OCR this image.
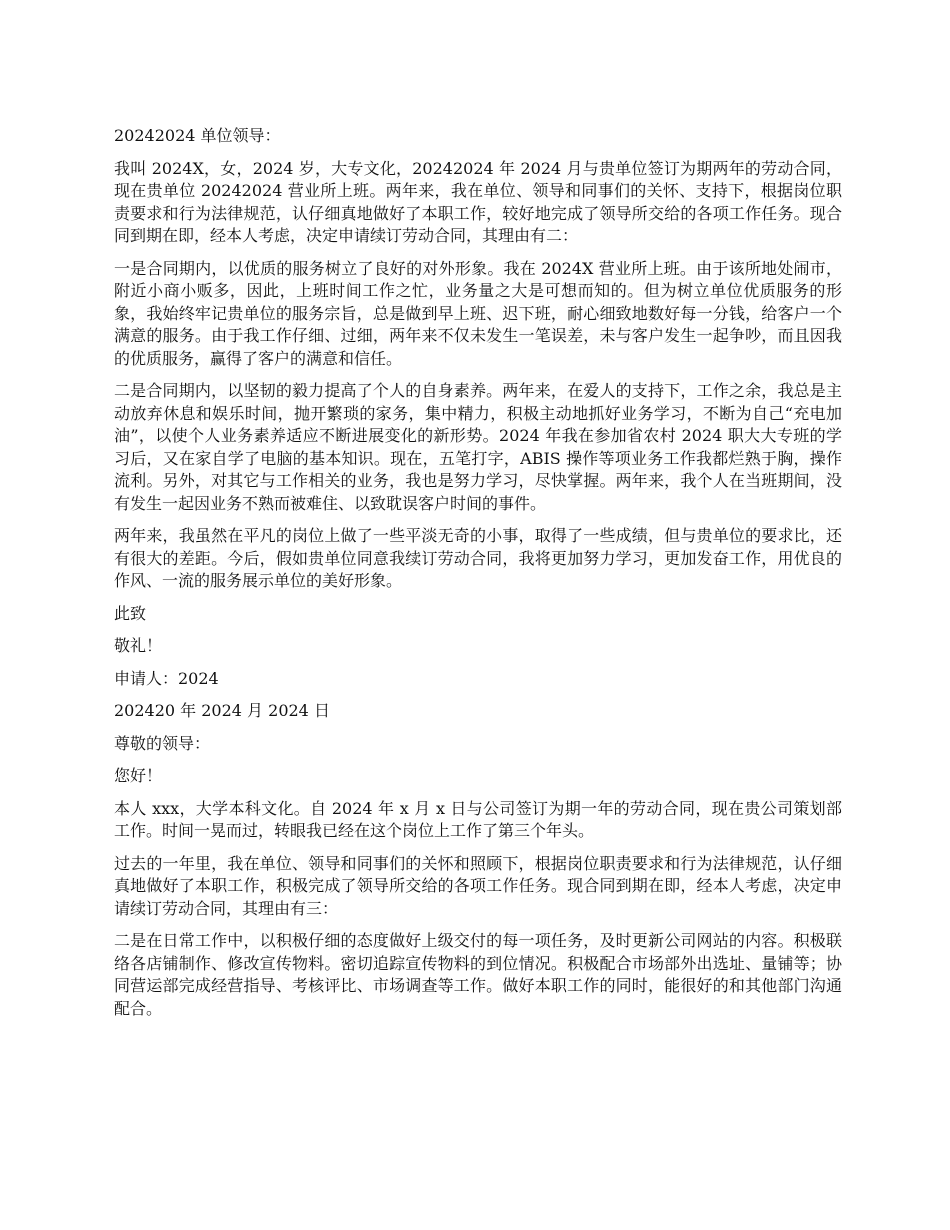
20242024 单位领导：

我叫 2024X，女，2024 岁，大专文化，20242024 年 2024 月与贵单位签订为期两年的劳动合同，现在贵单位 20242024 营业所上班。两年来，我在单位、领导和同事们的关怀、支持下，根据岗位职责要求和行为法律规范，认仔细真地做好了本职工作，较好地完成了领导所交给的各项工作任务。现合同到期在即，经本人考虑，决定申请续订劳动合同，其理由有二：

一是合同期内，以优质的服务树立了良好的对外形象。我在 2024X 营业所上班。由于该所地处闹市，附近小商小贩多，因此，上班时间工作之忙，业务量之大是可想而知的。但为树立单位优质服务的形象，我始终牢记贵单位的服务宗旨，总是做到早上班、迟下班，耐心细致地数好每一分钱，给客户一个满意的服务。由于我工作仔细、过细，两年来不仅未发生一笔误差，未与客户发生一起争吵，而且因我的优质服务，赢得了客户的满意和信任。

二是合同期内，以坚韧的毅力提高了个人的自身素养。两年来，在爱人的支持下，工作之余，我总是主动放弃休息和娱乐时间，抛开繁琐的家务，集中精力，积极主动地抓好业务学习，不断为自己“充电加油”，以使个人业务素养适应不断进展变化的新形势。2024 年我在参加省农村 2024 职大大专班的学习后，又在家自学了电脑的基本知识。现在，五笔打字，ABIS 操作等项业务工作我都烂熟于胸，操作流利。另外，对其它与工作相关的业务，我也是努力学习，尽快掌握。两年来，我个人在当班期间，没有发生一起因业务不熟而被难住、以致耽误客户时间的事件。

两年来，我虽然在平凡的岗位上做了一些平淡无奇的小事，取得了一些成绩，但与贵单位的要求比，还有很大的差距。今后，假如贵单位同意我续订劳动合同，我将更加努力学习，更加发奋工作，用优良的作风、一流的服务展示单位的美好形象。

此致

敬礼！

申请人：2024

202420 年 2024 月 2024 日

尊敬的领导：

您好！

本人 xxx，大学本科文化。自 2024 年 x 月 x 日与公司签订为期一年的劳动合同，现在贵公司策划部工作。时间一晃而过，转眼我已经在这个岗位上工作了第三个年头。

过去的一年里，我在单位、领导和同事们的关怀和照顾下，根据岗位职责要求和行为法律规范，认仔细真地做好了本职工作，积极完成了领导所交给的各项工作任务。现合同到期在即，经本人考虑，决定申请续订劳动合同，其理由有三：

二是在日常工作中，以积极仔细的态度做好上级交付的每一项任务，及时更新公司网站的内容。积极联络各店铺制作、修改宣传物料。密切追踪宣传物料的到位情况。积极配合市场部外出选址、量铺等；协同营运部完成经营指导、考核评比、市场调查等工作。做好本职工作的同时，能很好的和其他部门沟通配合。
